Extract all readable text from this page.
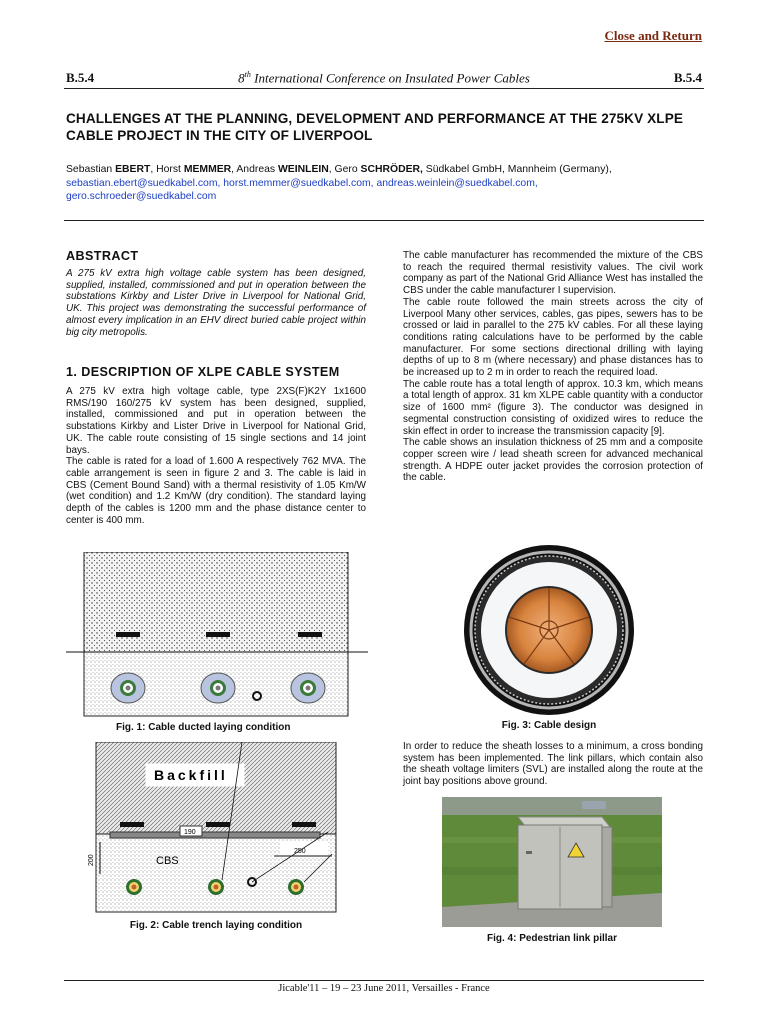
Close and Return
B.5.4	8th International Conference on Insulated Power Cables	B.5.4
CHALLENGES AT THE PLANNING, DEVELOPMENT AND PERFORMANCE AT THE 275KV XLPE CABLE PROJECT IN THE CITY OF LIVERPOOL
Sebastian EBERT, Horst MEMMER, Andreas WEINLEIN, Gero SCHRÖDER, Südkabel GmbH, Mannheim (Germany),
sebastian.ebert@suedkabel.com, horst.memmer@suedkabel.com, andreas.weinlein@suedkabel.com,
gero.schroeder@suedkabel.com
ABSTRACT
A 275 kV extra high voltage cable system has been designed, supplied, installed, commissioned and put in operation between the substations Kirkby and Lister Drive in Liverpool for National Grid, UK. This project was demonstrating the successful performance of almost every implication in an EHV direct buried cable project within big city metropolis.
1. DESCRIPTION OF XLPE CABLE SYSTEM

A 275 kV extra high voltage cable, type 2XS(F)K2Y 1x1600 RMS/190 160/275 kV system has been designed, supplied, installed, commissioned and put in operation between the substations Kirkby and Lister Drive in Liverpool for National Grid, UK. The cable route consisting of 15 single sections and 14 joint bays.

The cable is rated for a load of 1.600 A respectively 762 MVA. The cable arrangement is seen in figure 2 and 3. The cable is laid in CBS (Cement Bound Sand) with a thermal resistivity of 1.05 Km/W (wet condition) and 1.2 Km/W (dry condition). The standard laying depth of the cables is 1200 mm and the phase distance center to center is 400 mm.

Fig. 1: Cable ducted laying condition
Backfill
190
CBS
200
250
Fig. 2: Cable trench laying condition

The cable manufacturer has recommended the mixture of the CBS to reach the required thermal resistivity values. The civil work company as part of the National Grid Alliance West has installed the CBS under the cable manufacturer I supervision.

The cable route followed the main streets across the city of Liverpool Many other services, cables, gas pipes, sewers has to be crossed or laid in parallel to the 275 kV cables. For all these laying conditions rating calculations have to be performed by the cable manufacturer. For some sections directional drilling with laying depths of up to 8 m (where necessary) and phase distances has to be increased up to 2 m in order to reach the required load.

The cable route has a total length of approx. 10.3 km, which means a total length of approx. 31 km XLPE cable quantity with a conductor size of 1600 mm² (figure 3). The conductor was designed in segmental construction consisting of oxidized wires to reduce the skin effect in order to increase the transmission capacity [9].

The cable shows an insulation thickness of 25 mm and a composite copper screen wire / lead sheath screen for advanced mechanical strength. A HDPE outer jacket provides the corrosion protection of the cable.

Fig. 3: Cable design
In order to reduce the sheath losses to a minimum, a cross bonding system has been implemented. The link pillars, which contain also the sheath voltage limiters (SVL) are installed along the route at the joint bay positions above ground.
Fig. 4: Pedestrian link pillar
Jicable'11 – 19 – 23 June 2011, Versailles - France
